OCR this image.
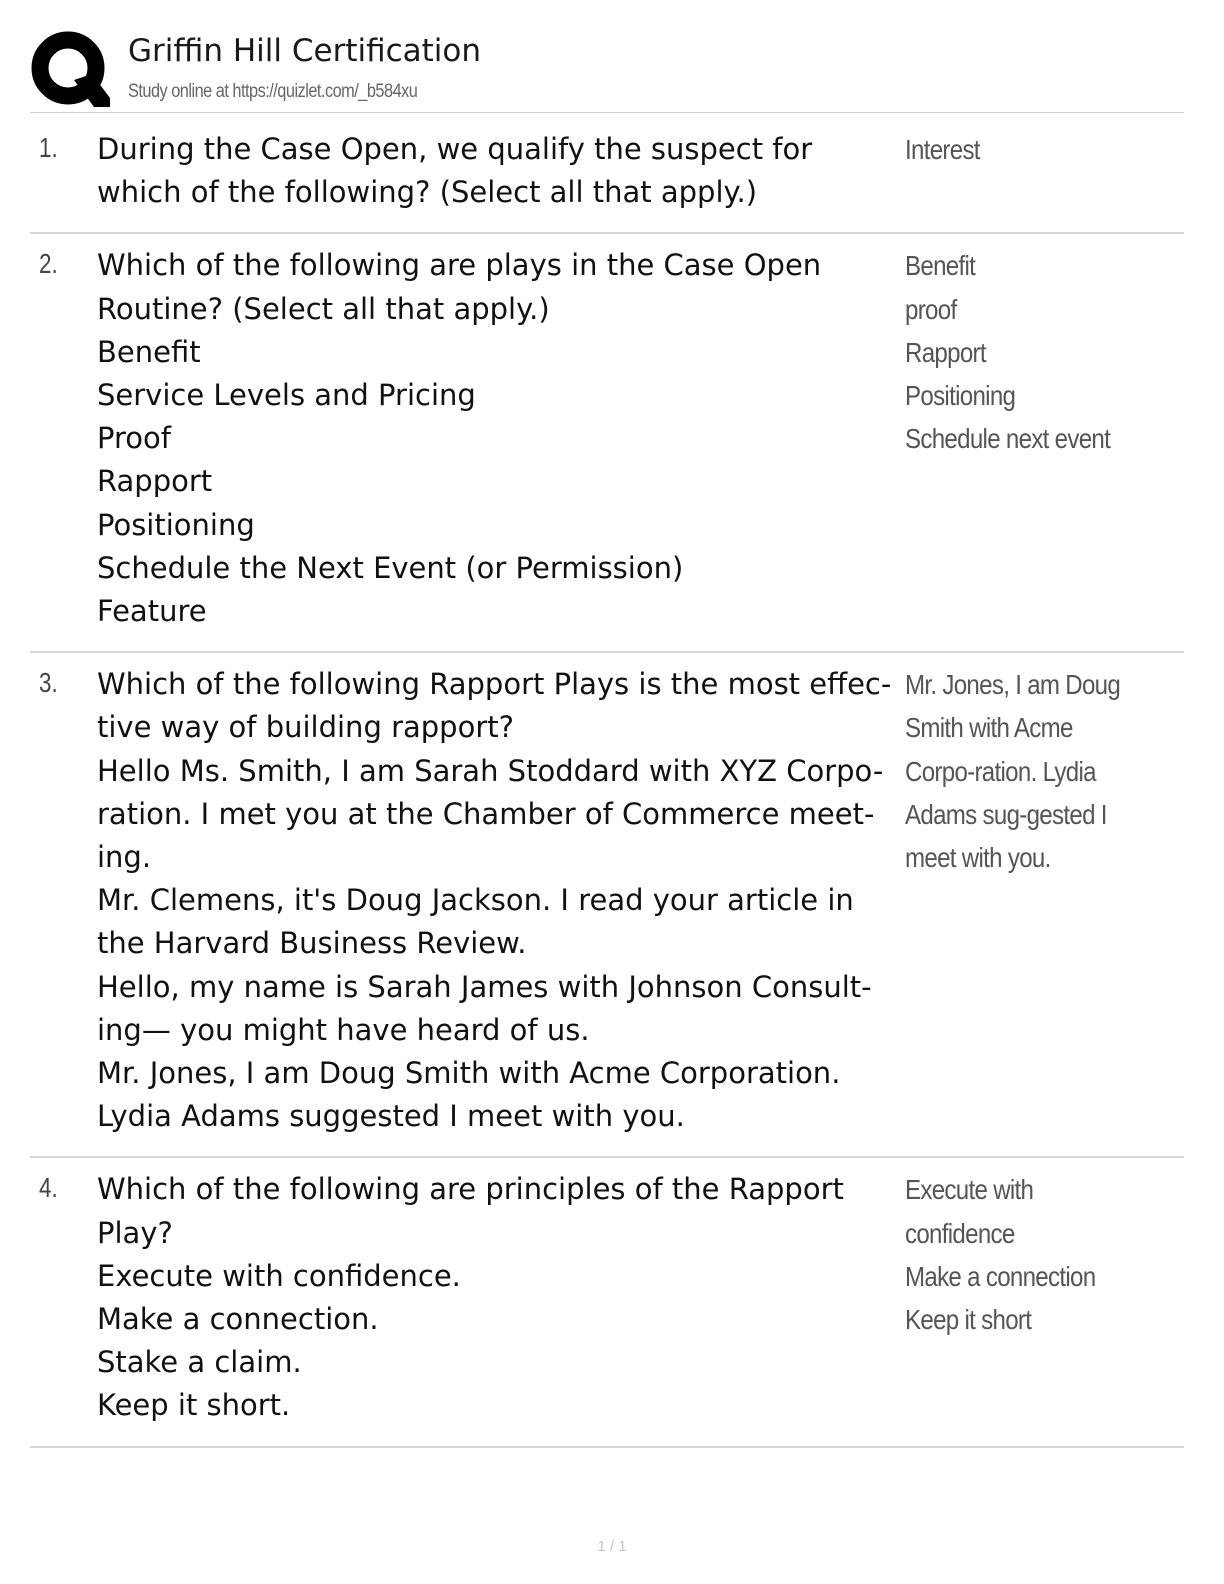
Griffin Hill Certification
Study online at https://quizlet.com/_b584xu
1. During the Case Open, we qualify the suspect for which of the following? (Select all that apply.)
Interest
2. Which of the following are plays in the Case Open Routine? (Select all that apply.)
Benefit
Service Levels and Pricing
Proof
Rapport
Positioning
Schedule the Next Event (or Permission)
Feature
Benefit
proof
Rapport
Positioning
Schedule next event
3. Which of the following Rapport Plays is the most effec-tive way of building rapport?
Hello Ms. Smith, I am Sarah Stoddard with XYZ Corpo-ration. I met you at the Chamber of Commerce meet-ing.
Mr. Clemens, it's Doug Jackson. I read your article in the Harvard Business Review.
Hello, my name is Sarah James with Johnson Consult-ing— you might have heard of us.
Mr. Jones, I am Doug Smith with Acme Corporation. Lydia Adams suggested I meet with you.
Mr. Jones, I am Doug Smith with Acme Corpo-ration. Lydia Adams sug-gested I meet with you.
4. Which of the following are principles of the Rapport Play?
Execute with confidence.
Make a connection.
Stake a claim.
Keep it short.
Execute with confidence
Make a connection
Keep it short
1 / 1
